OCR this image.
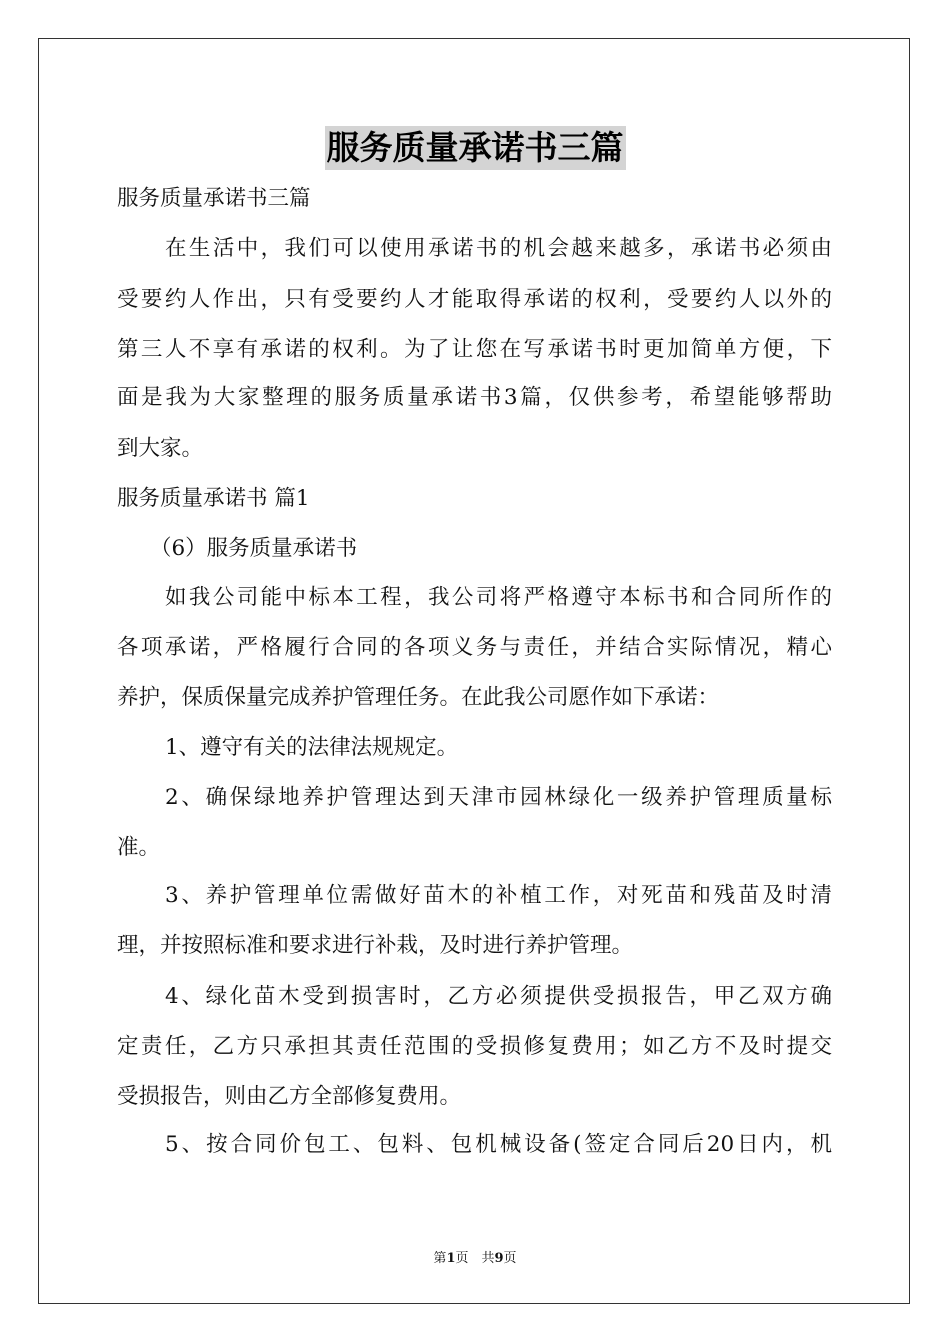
服务质量承诺书三篇

服务质量承诺书三篇

在生活中，我们可以使用承诺书的机会越来越多，承诺书必须由

受要约人作出，只有受要约人才能取得承诺的权利，受要约人以外的

第三人不享有承诺的权利。为了让您在写承诺书时更加简单方便，下

面是我为大家整理的服务质量承诺书3篇，仅供参考，希望能够帮助

到大家。

服务质量承诺书 篇1

（6）服务质量承诺书

如我公司能中标本工程，我公司将严格遵守本标书和合同所作的

各项承诺，严格履行合同的各项义务与责任，并结合实际情况，精心

养护，保质保量完成养护管理任务。在此我公司愿作如下承诺：

1、遵守有关的法律法规规定。

2、确保绿地养护管理达到天津市园林绿化一级养护管理质量标

准。

3、养护管理单位需做好苗木的补植工作，对死苗和残苗及时清

理，并按照标准和要求进行补栽，及时进行养护管理。

4、绿化苗木受到损害时，乙方必须提供受损报告，甲乙双方确

定责任，乙方只承担其责任范围的受损修复费用；如乙方不及时提交

受损报告，则由乙方全部修复费用。

5、按合同价包工、包料、包机械设备(签定合同后20日内，机

第1页　共9页
